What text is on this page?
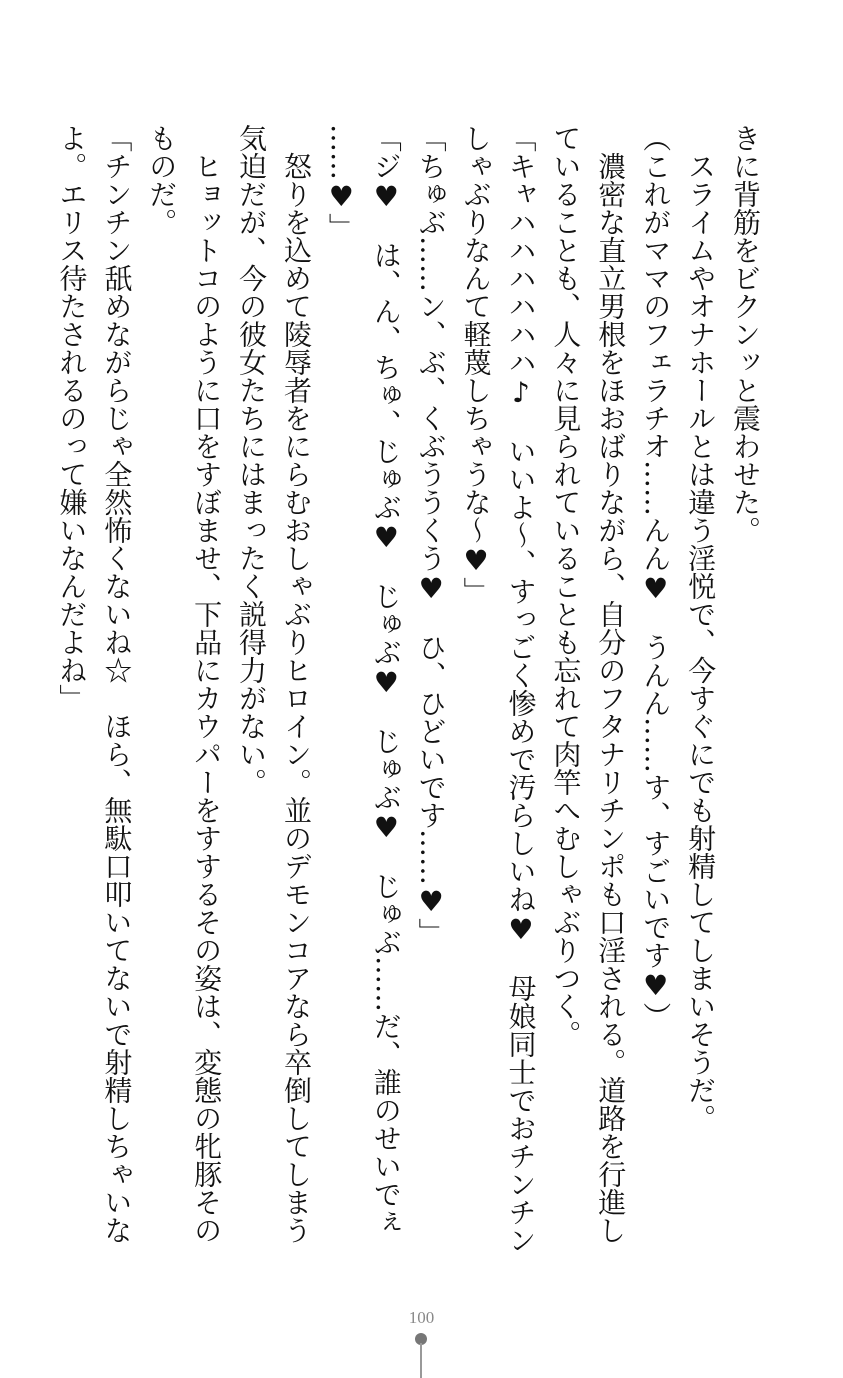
きに背筋をビクンッと震わせた。
　スライムやオナホールとは違う淫悦で、今すぐにでも射精してしまいそうだ。
（これがママのフェラチオ……んん♥　うんん……す、すごいです♥）
　濃密な直立男根をほおばりながら、自分のフタナリチンポも口淫される。道路を行進し
ていることも、人々に見られていることも忘れて肉竿へむしゃぶりつく。
「キャハハハハハハ♪　いいよ～、すっごく惨めで汚らしいね♥　母娘同士でおチンチン
しゃぶりなんて軽蔑しちゃうな～♥」
「ちゅぶ……ン、ぶ、くぶううくう♥　ひ、ひどいです……♥」
「ジ♥　は、ん、ちゅ、じゅぶ♥　じゅぶ♥　じゅぶ♥　じゅぶ……だ、誰のせいでぇ
……♥」
　怒りを込めて陵辱者をにらむおしゃぶりヒロイン。並のデモンコアなら卒倒してしまう
気迫だが、今の彼女たちにはまったく説得力がない。
　ヒョットコのように口をすぼませ、下品にカウパーをすするその姿は、変態の牝豚その
ものだ。
「チンチン舐めながらじゃ全然怖くないね☆　ほら、無駄口叩いてないで射精しちゃいな
よ。エリス待たされるのって嫌いなんだよね」
100
